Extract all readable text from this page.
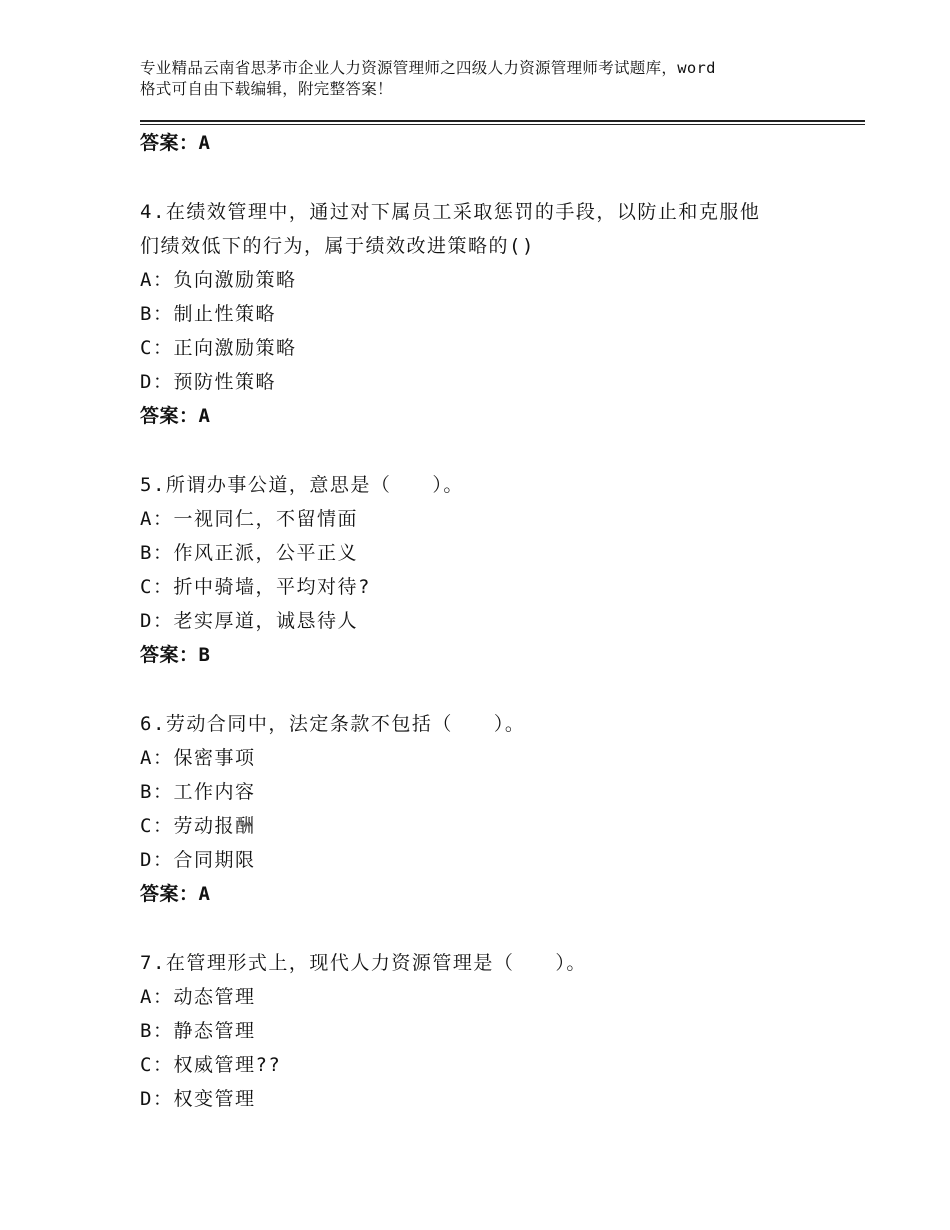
专业精品云南省思茅市企业人力资源管理师之四级人力资源管理师考试题库，word
格式可自由下载编辑，附完整答案！
答案：A
4.在绩效管理中，通过对下属员工采取惩罚的手段，以防止和克服他
们绩效低下的行为，属于绩效改进策略的()
A：负向激励策略
B：制止性策略
C：正向激励策略
D：预防性策略
答案：A
5.所谓办事公道，意思是（　　）。
A：一视同仁，不留情面
B：作风正派，公平正义
C：折中骑墙，平均对待?
D：老实厚道，诚恳待人
答案：B
6.劳动合同中，法定条款不包括（　　）。
A：保密事项
B：工作内容
C：劳动报酬
D：合同期限
答案：A
7.在管理形式上，现代人力资源管理是（　　）。
A：动态管理
B：静态管理
C：权威管理??
D：权变管理
